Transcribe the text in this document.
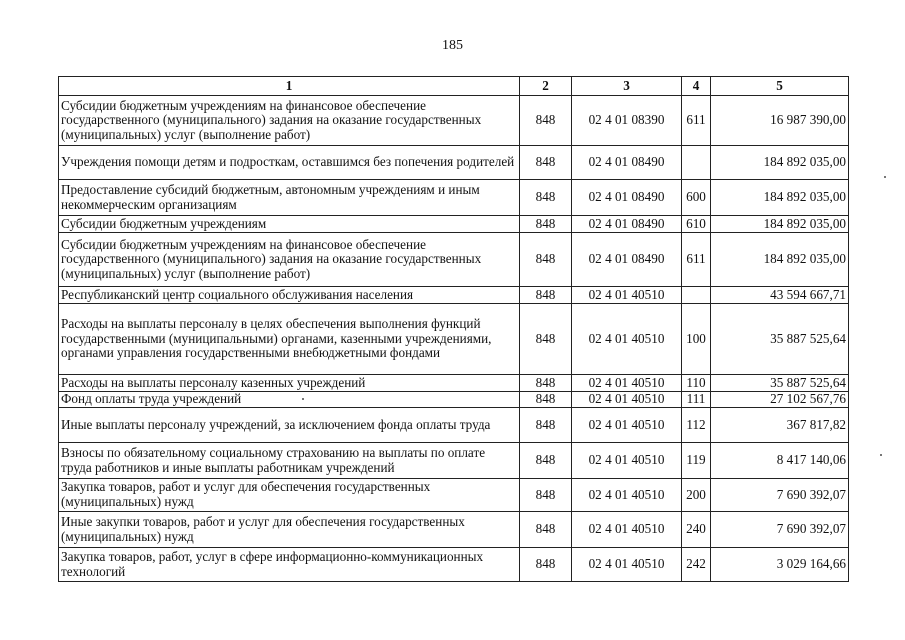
185
1	2	3	4	5
Субсидии бюджетным учреждениям на финансовое обеспечение государственного (муниципального) задания на оказание государственных (муниципальных) услуг (выполнение работ)	848	02 4 01 08390	611	16 987 390,00
Учреждения помощи детям и подросткам, оставшимся без попечения родителей	848	02 4 01 08490		184 892 035,00
Предоставление субсидий бюджетным, автономным учреждениям и иным некоммерческим организациям	848	02 4 01 08490	600	184 892 035,00
Субсидии бюджетным учреждениям	848	02 4 01 08490	610	184 892 035,00
Субсидии бюджетным учреждениям на финансовое обеспечение государственного (муниципального) задания на оказание государственных (муниципальных) услуг (выполнение работ)	848	02 4 01 08490	611	184 892 035,00
Республиканский центр социального обслуживания населения	848	02 4 01 40510		43 594 667,71
Расходы на выплаты персоналу в целях обеспечения выполнения функций государственными (муниципальными) органами, казенными учреждениями, органами управления государственными внебюджетными фондами	848	02 4 01 40510	100	35 887 525,64
Расходы на выплаты персоналу казенных учреждений	848	02 4 01 40510	110	35 887 525,64
Фонд оплаты труда учреждений	848	02 4 01 40510	111	27 102 567,76
Иные выплаты персоналу учреждений, за исключением фонда оплаты труда	848	02 4 01 40510	112	367 817,82
Взносы по обязательному социальному страхованию на выплаты по оплате труда работников и иные выплаты работникам учреждений	848	02 4 01 40510	119	8 417 140,06
Закупка товаров, работ и услуг для обеспечения государственных (муниципальных) нужд	848	02 4 01 40510	200	7 690 392,07
Иные закупки товаров, работ и услуг для обеспечения государственных (муниципальных) нужд	848	02 4 01 40510	240	7 690 392,07
Закупка товаров, работ, услуг в сфере информационно-коммуникационных технологий	848	02 4 01 40510	242	3 029 164,66
